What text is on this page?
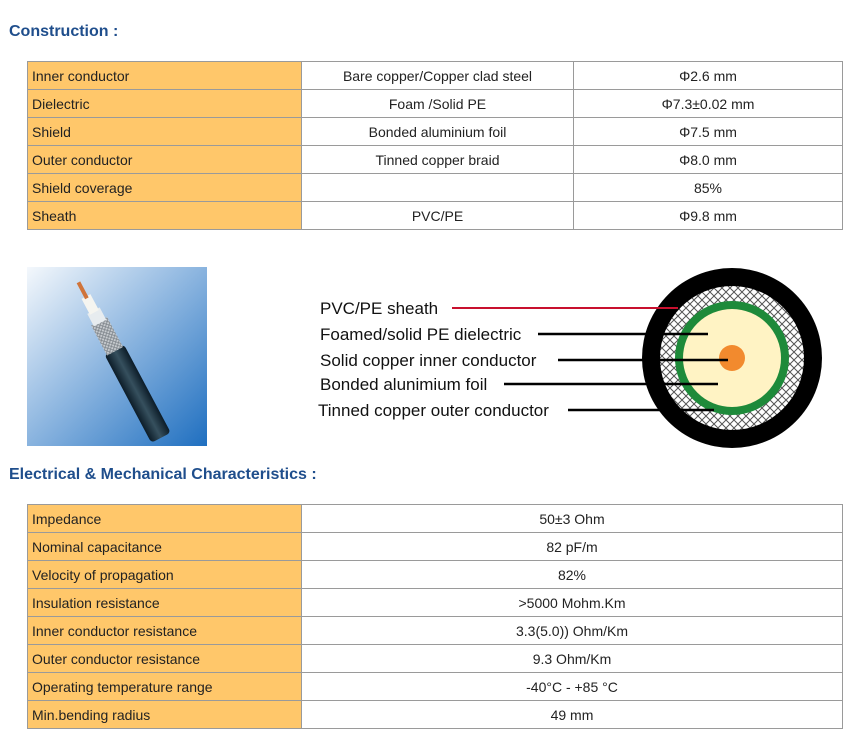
Construction :
Inner conductor	Bare copper/Copper clad steel	Φ2.6 mm
Dielectric	Foam /Solid PE	Φ7.3±0.02 mm
Shield	Bonded aluminium foil	Φ7.5 mm
Outer conductor	Tinned copper braid	Φ8.0 mm
Shield coverage		85%
Sheath	PVC/PE	Φ9.8 mm
PVC/PE sheath
Foamed/solid PE dielectric
Solid copper inner conductor
Bonded alunimium foil
Tinned copper outer conductor
Electrical & Mechanical Characteristics :
Impedance	50±3 Ohm
Nominal capacitance	82 pF/m
Velocity of propagation	82%
Insulation resistance	>5000 Mohm.Km
Inner conductor resistance	3.3(5.0)) Ohm/Km
Outer conductor resistance	9.3 Ohm/Km
Operating temperature range	-40°C - +85 °C
Min.bending radius	49 mm
